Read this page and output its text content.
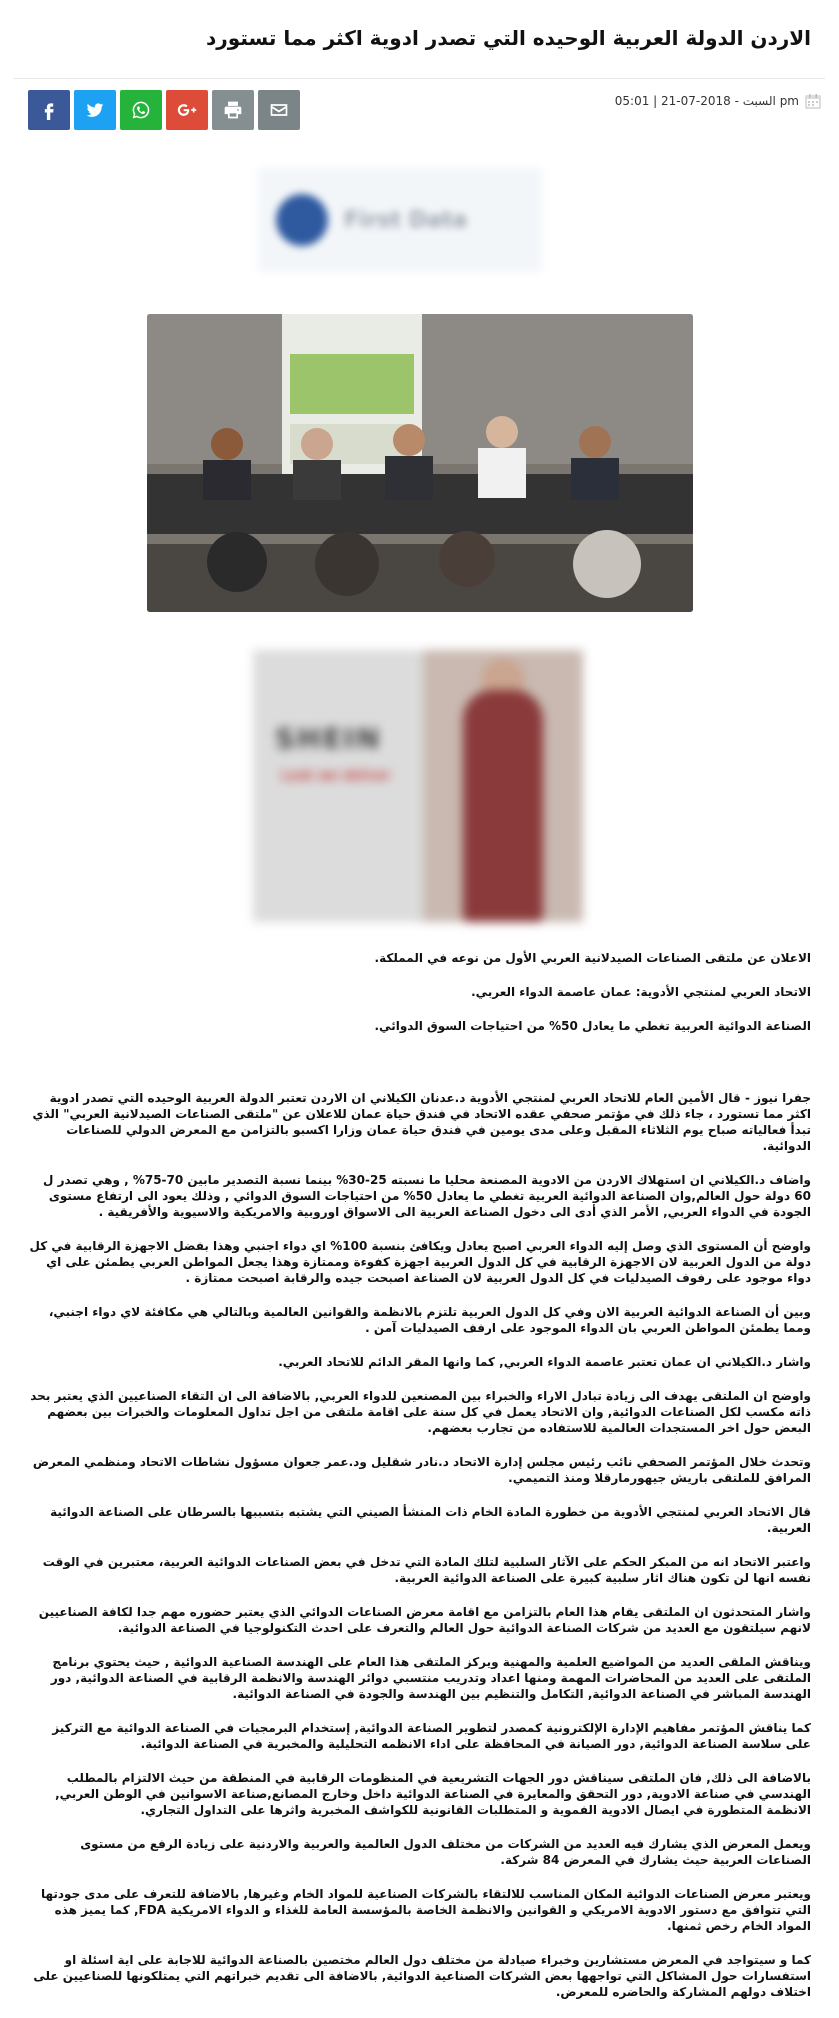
الاردن الدولة العربية الوحيده التي تصدر ادوية اكثر مما تستورد
السبت - 2018-07-21 | 05:01 pm
First Data
SHEIN
Look we deliver

الاعلان عن ملتقى الصناعات الصيدلانية العربي الأول من نوعه في المملكة.

الاتحاد العربي لمنتجي الأدوية: عمان عاصمة الدواء العربي.

الصناعة الدوائية العربية تغطي ما يعادل 50% من احتياجات السوق الدوائي.

جفرا نيوز - قال الأمين العام للاتحاد العربي لمنتجي الأدوية د.عدنان الكيلاني ان الاردن تعتبر الدولة العربية الوحيده التي تصدر ادوية اكثر مما تستورد ، جاء ذلك في مؤتمر صحفي عقده الاتحاد في فندق حياة عمان للاعلان عن "ملتقى الصناعات الصيدلانية العربي" الذي تبدأ فعالياته صباح يوم الثلاثاء المقبل وعلى مدى يومين في فندق حياة عمان وزارا اكسبو بالتزامن مع المعرض الدولي للصناعات الدوائية.

واضاف د.الكيلاني ان استهلاك الاردن من الادوية المصنعة محليا ما نسبته 25-30% بينما نسبة التصدير مابين 70-75% , وهي تصدر ل 60 دولة حول العالم,وان الصناعة الدوائية العربية تغطي ما يعادل 50% من احتياجات السوق الدوائي , وذلك يعود الى ارتفاع مستوى الجودة في الدواء العربي, الأمر الذي أدى الى دخول الصناعة العربية الى الاسواق اوروبية والامريكية والاسيوية والأفريقية .

واوضح أن المستوى الذي وصل إليه الدواء العربي اصبح يعادل ويكافئ بنسبة 100% اي دواء اجنبي وهذا بفضل الاجهزة الرقابية في كل دولة من الدول العربية لان الاجهزة الرقابية في كل الدول العربية اجهزة كفوءة وممتازة وهذا يجعل المواطن العربي يطمئن على اي دواء موجود على رفوف الصيدليات في كل الدول العربية لان الصناعة اصبحت جيده والرقابة اصبحت ممتازة .

وبين أن الصناعة الدوائية العربية الان وفي كل الدول العربية تلتزم بالانظمة والقوانين العالمية وبالتالي هي مكافئة لاي دواء اجنبي، ومما يطمئن المواطن العربي بان الدواء الموجود على ارفف الصيدليات آمن .

واشار د.الكيلاني ان عمان تعتبر عاصمة الدواء العربي, كما وانها المقر الدائم للاتحاد العربي.

واوضح ان الملتقى يهدف الى زيادة تبادل الاراء والخبراء بين المصنعين للدواء العربي, بالاضافة الى ان التقاء الصناعيين الذي يعتبر بحد ذاته مكسب لكل الصناعات الدوائية, وان الاتحاد يعمل في كل سنة على اقامة ملتقى من اجل تداول المعلومات والخبرات بين بعضهم البعض حول اخر المستجدات العالمية للاستفاده من تجارب بعضهم.

وتحدث خلال المؤتمر الصحفي نائب رئيس مجلس إدارة الاتحاد د.نادر شقليل ود.عمر جعوان مسؤول نشاطات الاتحاد ومنظمي المعرض المرافق للملتقى باريش جيهورمارقلا ومنذ التميمي.

قال الاتحاد العربي لمنتجي الأدوية من خطورة المادة الخام ذات المنشأ الصيني التي يشتبه بتسببها بالسرطان على الصناعة الدوائية العربية.

واعتبر الاتحاد انه من المبكر الحكم على الآثار السلبية لتلك المادة التي تدخل في بعض الصناعات الدوائية العربية، معتبرين في الوقت نفسه انها لن تكون هناك اثار سلبية كبيرة على الصناعة الدوائية العربية.

واشار المتحدثون ان الملتقى يقام هذا العام بالتزامن مع اقامة معرض الصناعات الدوائي الذي يعتبر حضوره مهم جدا لكافة الصناعيين لانهم سيلتقون مع العديد من شركات الصناعة الدوائية حول العالم والتعرف على احدث التكنولوجيا في الصناعة الدوائية.

ويناقش الملقى العديد من المواضيع العلمية والمهنية ويركز الملتقى هذا العام على الهندسة الصناعية الدوائية , حيث يحتوي برنامج الملتقى على العديد من المحاضرات المهمة ومنها اعداد وتدريب منتسبي دوائر الهندسة والانظمة الرقابية في الصناعة الدوائية, دور الهندسة المباشر في الصناعة الدوائية, التكامل والتنظيم بين الهندسة والجودة في الصناعة الدوائية.

كما يناقش المؤتمر مفاهيم الإدارة الإلكترونية كمصدر لتطوير الصناعة الدوائية, إستخدام البرمجيات في الصناعة الدوائية مع التركيز على سلاسة الصناعة الدوائية, دور الصيانة في المحافظة على اداء الانظمه التحليلية والمخبرية في الصناعة الدوائية.

بالاضافة الى ذلك, فان الملتقى سيناقش دور الجهات التشريعية في المنظومات الرقابية في المنطقة من حيث الالتزام بالمطلب الهندسي في صناعة الادوية, دور التحقق والمعايرة في الصناعة الدوائية داخل وخارج المصانع,صناعة الاسوانين في الوطن العربي, الانظمة المتطورة في ايصال الادوية الفموية و المتطلبات القانونية للكواشف المخبرية واثرها على التداول التجاري.

ويعمل المعرض الذي يشارك فيه العديد من الشركات من مختلف الدول العالمية والعربية والاردنية على زيادة الرفع من مستوى الصناعات العربية حيث يشارك في المعرض 84 شركة.

ويعتبر معرض الصناعات الدوائية المكان المناسب للالتقاء بالشركات الصناعية للمواد الخام وغيرها, بالاضافة للتعرف على مدى جودتها التي تتوافق مع دستور الادوية الامريكي و القوانين والانظمة الخاصة بالمؤسسة العامة للغذاء و الدواء الامريكية FDA, كما يميز هذه المواد الخام رخص ثمنها.

كما و سيتواجد في المعرض مستشارين وخبراء صيادلة من مختلف دول العالم مختصين بالصناعة الدوائية للاجابة على اية اسئلة او استفسارات حول المشاكل التي تواجهها بعض الشركات الصناعية الدوائية, بالاضافة الى تقديم خبراتهم التي يمتلكونها للصناعيين على اختلاف دولهم المشاركة والحاضره للمعرض.
